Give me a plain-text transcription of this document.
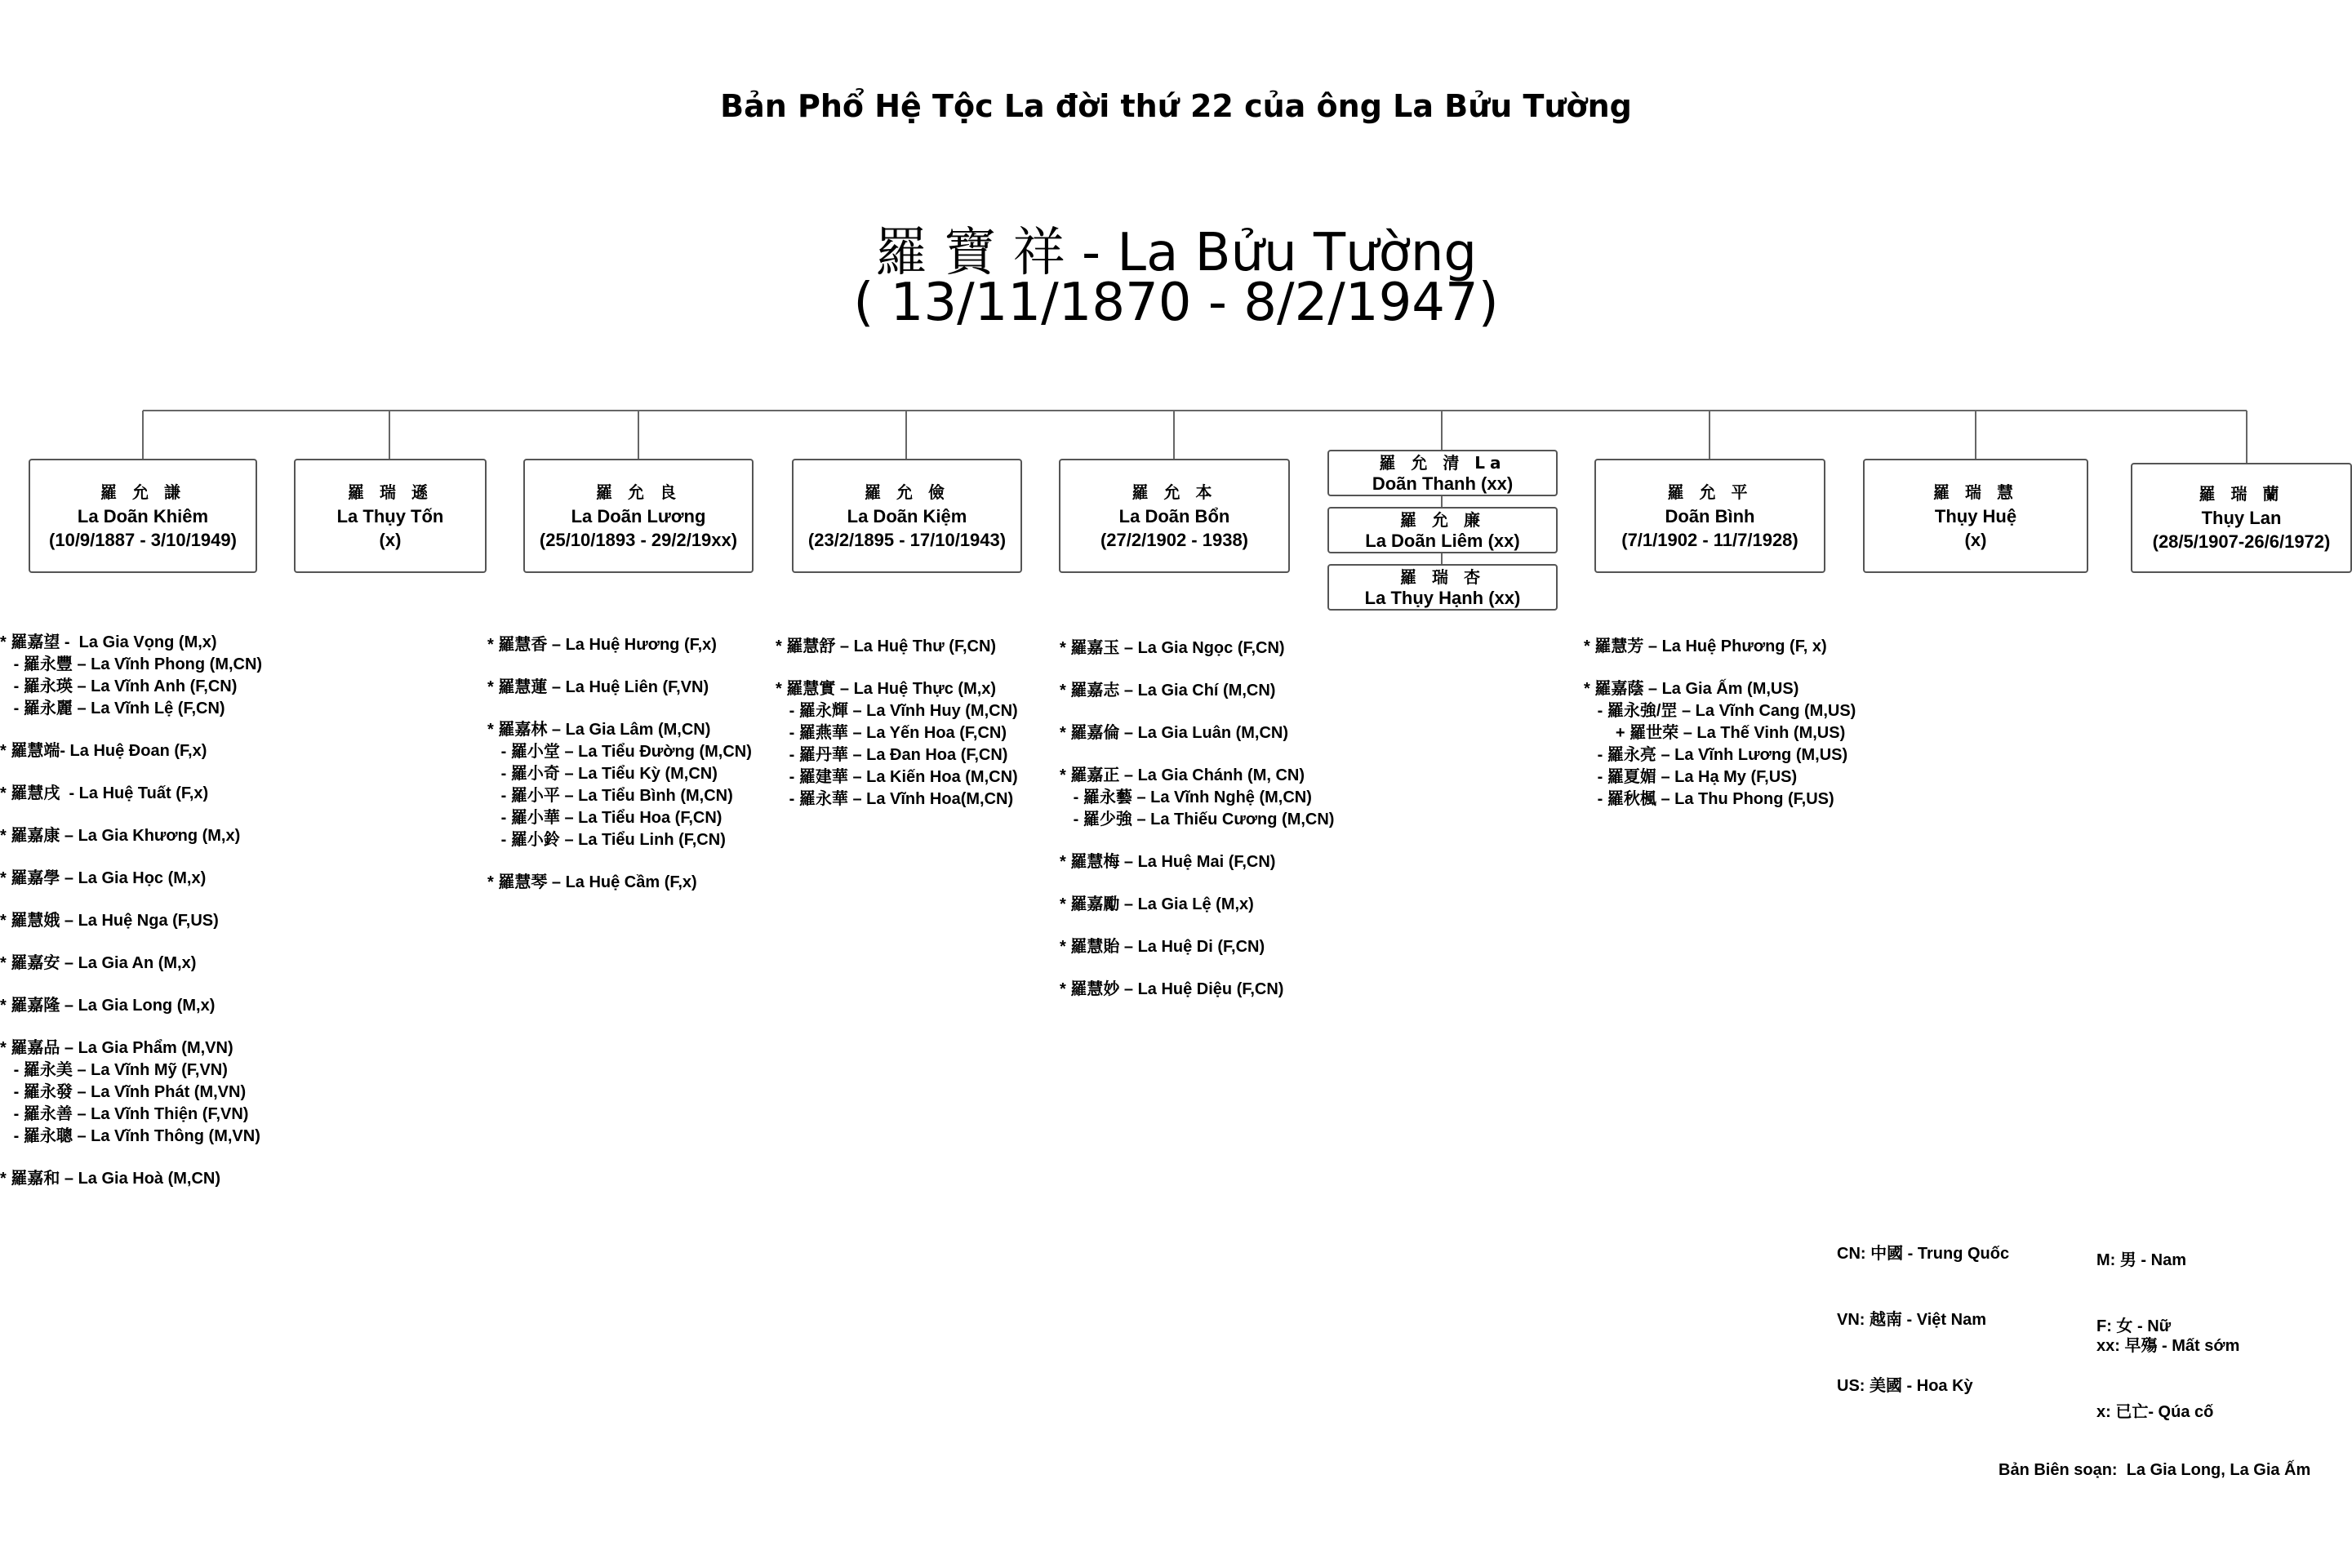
Bản Phổ Hệ Tộc La đời thứ 22 của ông La Bửu Tường
羅 寶 祥 - La Bửu Tường
( 13/11/1870 - 8/2/1947)
羅 允 謙
La Doãn Khiêm
(10/9/1887 - 3/10/1949)
羅 瑞 遜
La Thụy Tốn
(x)
羅 允 良
La Doãn Lương
(25/10/1893 - 29/2/19xx)
羅 允 儉
La Doãn Kiệm
(23/2/1895 - 17/10/1943)
羅 允 本
La Doãn Bổn
(27/2/1902 - 1938)
羅 允 清 La
Doãn Thanh (xx)
羅 允 廉
La Doãn Liêm (xx)
羅 瑞 杏
La Thụy Hạnh (xx)
羅 允 平
Doãn Bình
(7/1/1902 - 11/7/1928)
羅 瑞 慧
Thụy Huệ
(x)
羅 瑞 蘭
Thụy Lan
(28/5/1907-26/6/1972)
* 羅嘉望 -  La Gia Vọng (M,x)
- 羅永豐 – La Vĩnh Phong (M,CN)
- 羅永瑛 – La Vĩnh Anh (F,CN)
- 羅永麗 – La Vĩnh Lệ (F,CN)
* 羅慧端- La Huệ Đoan (F,x)
* 羅慧戌  - La Huệ Tuất (F,x)
* 羅嘉康 – La Gia Khương (M,x)
* 羅嘉學 – La Gia Học (M,x)
* 羅慧娥 – La Huệ Nga (F,US)
* 羅嘉安 – La Gia An (M,x)
* 羅嘉隆 – La Gia Long (M,x)
* 羅嘉品 – La Gia Phẩm (M,VN)
- 羅永美 – La Vĩnh Mỹ (F,VN)
- 羅永發 – La Vĩnh Phát (M,VN)
- 羅永善 – La Vĩnh Thiện (F,VN)
- 羅永聰 – La Vĩnh Thông (M,VN)
* 羅嘉和 – La Gia Hoà (M,CN)
* 羅慧香 – La Huệ Hương (F,x)
* 羅慧蓮 – La Huệ Liên (F,VN)
* 羅嘉林 – La Gia Lâm (M,CN)
- 羅小堂 – La Tiểu Đường (M,CN)
- 羅小奇 – La Tiểu Kỳ (M,CN)
- 羅小平 – La Tiểu Bình (M,CN)
- 羅小華 – La Tiểu Hoa (F,CN)
- 羅小鈴 – La Tiểu Linh (F,CN)
* 羅慧琴 – La Huệ Cầm (F,x)
* 羅慧舒 – La Huệ Thư (F,CN)
* 羅慧實 – La Huệ Thực (M,x)
- 羅永輝 – La Vĩnh Huy (M,CN)
- 羅燕華 – La Yến Hoa (F,CN)
- 羅丹華 – La Đan Hoa (F,CN)
- 羅建華 – La Kiến Hoa (M,CN)
- 羅永華 – La Vĩnh Hoa(M,CN)
* 羅嘉玉 – La Gia Ngọc (F,CN)
* 羅嘉志 – La Gia Chí (M,CN)
* 羅嘉倫 – La Gia Luân (M,CN)
* 羅嘉正 – La Gia Chánh (M, CN)
- 羅永藝 – La Vĩnh Nghệ (M,CN)
- 羅少強 – La Thiếu Cương (M,CN)
* 羅慧梅 – La Huệ Mai (F,CN)
* 羅嘉勵 – La Gia Lệ (M,x)
* 羅慧貽 – La Huệ Di (F,CN)
* 羅慧妙 – La Huệ Diệu (F,CN)
* 羅慧芳 – La Huệ Phương (F, x)
* 羅嘉蔭 – La Gia Ấm (M,US)
- 羅永強/罡 – La Vĩnh Cang (M,US)
+ 羅世荣 – La Thế Vinh (M,US)
- 羅永亮 – La Vĩnh Lương (M,US)
- 羅夏媚 – La Hạ My (F,US)
- 羅秋楓 – La Thu Phong (F,US)

CN: 中國 - Trung Quốc

VN: 越南 - Việt Nam

US: 美國 - Hoa Kỳ

M: 男 - Nam

F: 女 - Nữ

xx: 早殤 - Mất sớm

x: 已亡- Qúa cố

Bản Biên soạn:  La Gia Long, La Gia Ấm
